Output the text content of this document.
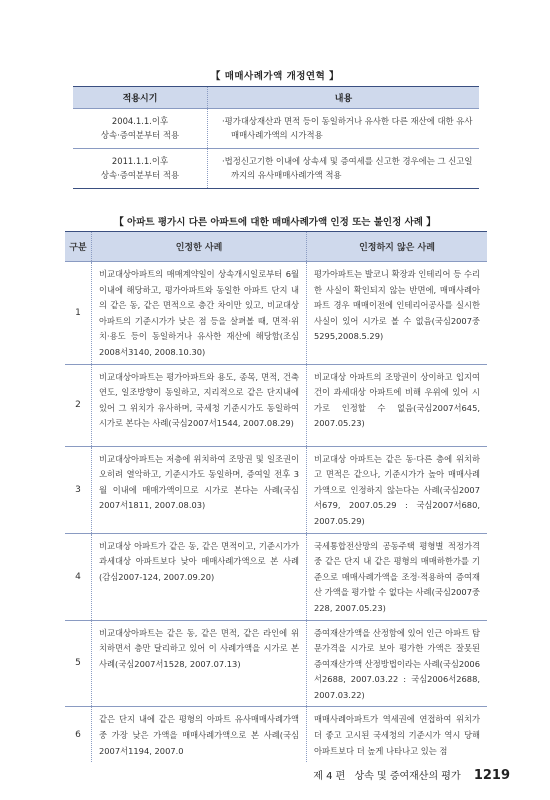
【 매매사례가액 개정연혁 】
적용시기	내용

2004.1.1.이후
상속·증여분부터 적용	·평가대상재산과 면적 등이 동일하거나 유사한 다른 재산에 대한 유사매매사례가액의 시가적용

2011.1.1.이후
상속·증여분부터 적용	·법정신고기한 이내에 상속세 및 증여세를 신고한 경우에는 그 신고일까지의 유사매매사례가액 적용
【 아파트 평가시 다른 아파트에 대한 매매사례가액 인정 또는 불인정 사례 】
구분	인정한 사례	인정하지 않은 사례
1	비교대상아파트의 매매계약일이 상속개시일로부터 6월 이내에 해당하고, 평가아파트와 동일한 아파트 단지 내의 같은 동, 같은 면적으로 층간 차이만 있고, 비교대상아파트의 기준시가가 낮은 점 등을 살펴볼 때, 면적·위치·용도 등이 동일하거나 유사한 재산에 해당함(조심2008서3140, 2008.10.30)	평가아파트는 발코니 확장과 인테리어 등 수리한 사실이 확인되지 않는 반면에, 매매사례아파트 경우 매매이전에 인테리어공사를 실시한 사실이 있어 시가로 볼 수 없음(국심2007중5295,2008.5.29)
2	비교대상아파트는 평가아파트와 용도, 종목, 면적, 건축연도, 일조방향이 동일하고, 지리적으로 같은 단지내에 있어 그 위치가 유사하며, 국세청 기준시가도 동일하여 시가로 본다는 사례(국심2007서1544, 2007.08.29)	비교대상 아파트의 조망권이 상이하고 입지여건이 과세대상 아파트에 비해 우위에 있어 시가로 인정할 수 없음(국심2007서645, 2007.05.23)
3	비교대상아파트는 저층에 위치하여 조망권 및 일조권이 오히려 열악하고, 기준시가도 동일하며, 증여일 전후 3월 이내에 매매가액이므로 시가로 본다는 사례(국심2007서1811, 2007.08.03)	비교대상 아파트는 같은 동·다른 층에 위치하고 면적은 같으나, 기준시가가 높아 매매사례가액으로 인정하지 않는다는 사례(국심2007서679, 2007.05.29 : 국심2007서680, 2007.05.29)
4	비교대상 아파트가 같은 동, 같은 면적이고, 기준시가가 과세대상 아파트보다 낮아 매매사례가액으로 본 사례(감심2007-124, 2007.09.20)	국세통합전산망의 공동주택 평형별 적정가격 중 같은 단지 내 같은 평형의 매매하한가를 기준으로 매매사례가액을 조정·적용하여 증여재산 가액을 평가할 수 없다는 사례(국심2007중228, 2007.05.23)
5	비교대상아파트는 같은 동, 같은 면적, 같은 라인에 위치하면서 층만 달리하고 있어 이 사례가액을 시가로 본 사례(국심2007서1528, 2007.07.13)	증여재산가액을 산정함에 있어 인근 아파트 탐문가격을 시가로 보아 평가한 가액은 잘못된 증여재산가액 산정방법이라는 사례(국심2006서2688, 2007.03.22 : 국심2006서2688, 2007.03.22)
6	같은 단지 내에 같은 평형의 아파트 유사매매사례가액 중 가장 낮은 가액을 매매사례가액으로 본 사례(국심2007서1194, 2007.0	매매사례아파트가 역세권에 연접하여 위치가 더 좋고 고시된 국세청의 기준시가 역시 당해 아파트보다 더 높게 나타나고 있는 점
제 4 편 상속 및 증여재산의 평가 1219
